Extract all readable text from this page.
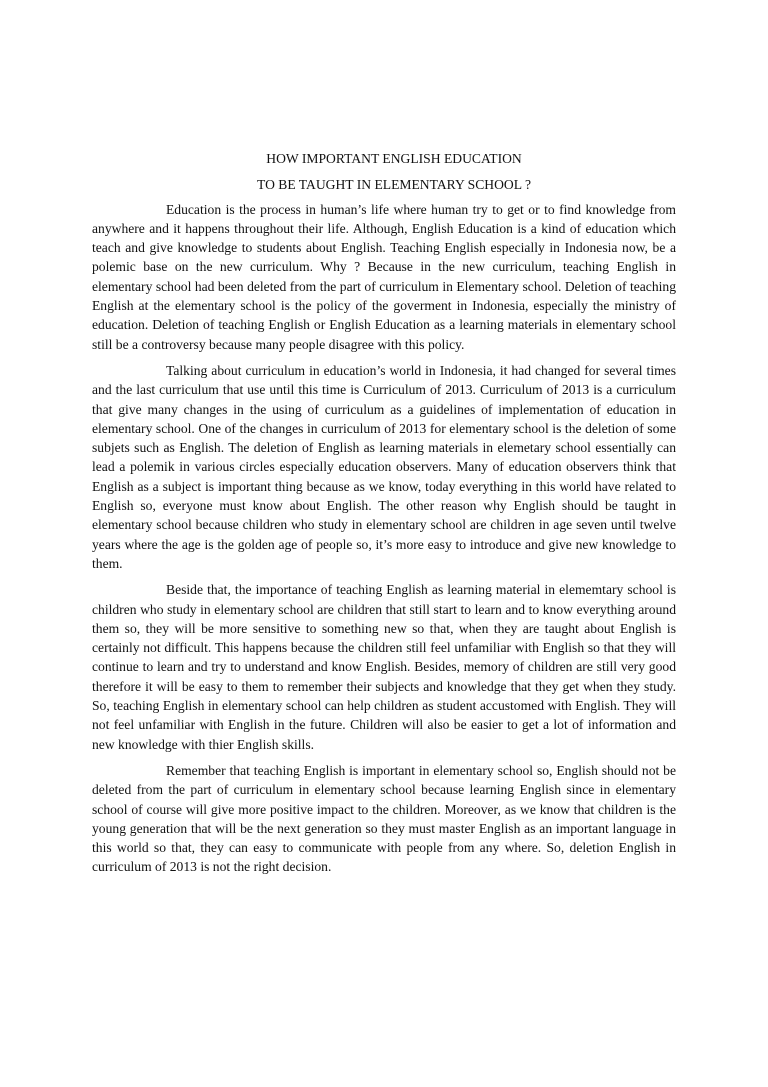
HOW IMPORTANT ENGLISH EDUCATION

TO BE TAUGHT IN ELEMENTARY SCHOOL ?

Education is the process in human’s life where human try to get or to find knowledge from anywhere and it happens throughout their life. Although, English Education is a kind of education which teach and give knowledge to students about English. Teaching English especially in Indonesia now, be a polemic base on the new curriculum. Why ? Because in the new curriculum, teaching English in elementary school had been deleted from the part of curriculum in Elementary school. Deletion of teaching English at the elementary school is the policy of the goverment in Indonesia, especially the ministry of education. Deletion of teaching English or English Education as a learning materials in elementary school still be a controversy because many people disagree with this policy.

Talking about curriculum in education’s world in Indonesia, it had changed for several times and the last curriculum that use until this time is Curriculum of 2013. Curriculum of 2013 is a curriculum that give many changes in the using of curriculum as a guidelines of implementation of education in elementary school. One of the changes in curriculum of 2013 for elementary school is the deletion of some subjets such as English. The deletion of English as learning materials in elemetary school essentially can lead a polemik in various circles especially education observers. Many of education observers think that English as a subject is important thing because as we know, today everything in this world have related to English so, everyone must know about English. The other reason why English should be taught in elementary school because children who study in elementary school are children in age seven until twelve years where the age is the golden age of people so, it’s more easy to introduce and give new knowledge to them.

Beside that, the importance of teaching English as learning material in elememtary school is children who study in elementary school are children that still start to learn and to know everything around them so, they will be more sensitive to something new so that, when they are taught about English is certainly not difficult. This happens because the children still feel unfamiliar with English so that they will continue to learn and try to understand and know English. Besides, memory of children are still very good therefore it will be easy to them to remember their subjects and knowledge that they get when they study. So, teaching English in elementary school can help children as student accustomed with English. They will not feel unfamiliar with English in the future. Children will also be easier to get a lot of information and new knowledge with thier English skills.

Remember that teaching English is important in elementary school so, English should not be deleted from the part of curriculum in elementary school because learning English since in elementary school of course will give more positive impact to the children. Moreover, as we know that children is the young generation that will be the next generation so they must master English as an important language in this world so that, they can easy to communicate with people from any where. So, deletion English in curriculum of 2013 is not the right decision.
